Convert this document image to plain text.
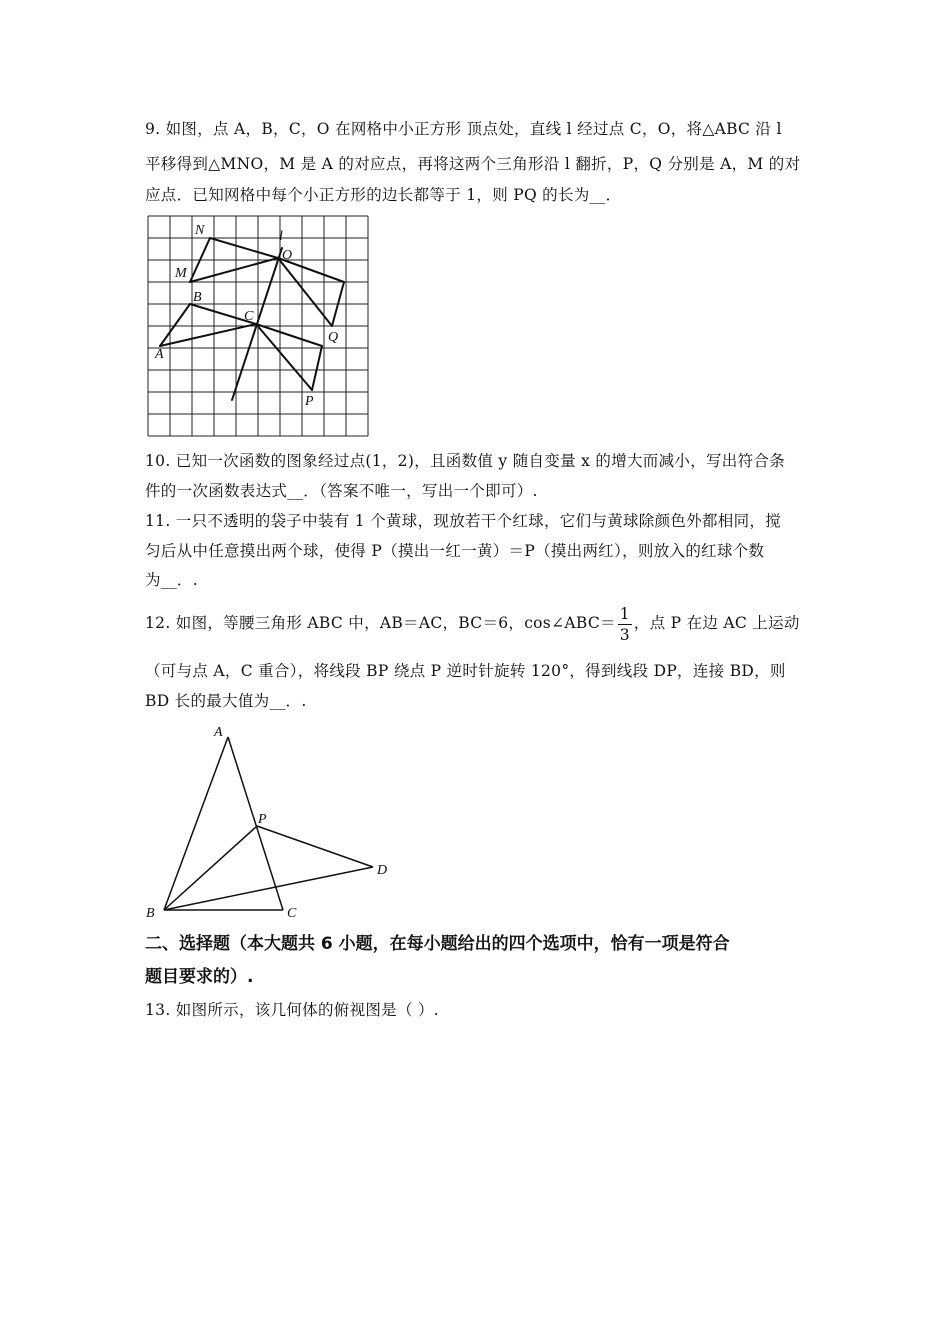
9. 如图，点 A，B，C，O 在网格中小正方形 顶点处，直线 l 经过点 C，O，将△ABC 沿 l
平移得到△MNO，M 是 A 的对应点，再将这两个三角形沿 l 翻折，P，Q 分别是 A，M 的对
应点．已知网格中每个小正方形的边长都等于 1，则 PQ 的长为__．
N	l
O
M
B
C
Q
A
P
10. 已知一次函数的图象经过点(1，2)，且函数值 y 随自变量 x 的增大而减小，写出符合条
件的一次函数表达式__．（答案不唯一，写出一个即可）.
11. 一只不透明的袋子中装有 1 个黄球，现放若干个红球，它们与黄球除颜色外都相同，搅
匀后从中任意摸出两个球，使得 P（摸出一红一黄）＝P（摸出两红），则放入的红球个数
为__．.
12. 如图，等腰三角形 ABC 中，AB＝AC，BC＝6，cos∠ABC＝ $\frac{1}{3}$ ，点 P 在边 AC 上运动
（可与点 A，C 重合），将线段 BP 绕点 P 逆时针旋转 120°，得到线段 DP，连接 BD，则
BD 长的最大值为__．.
A
P
D
B	C
二、选择题（本大题共 6 小题，在每小题给出的四个选项中，恰有一项是符合
题目要求的）.
13. 如图所示，该几何体的俯视图是（ ）.
